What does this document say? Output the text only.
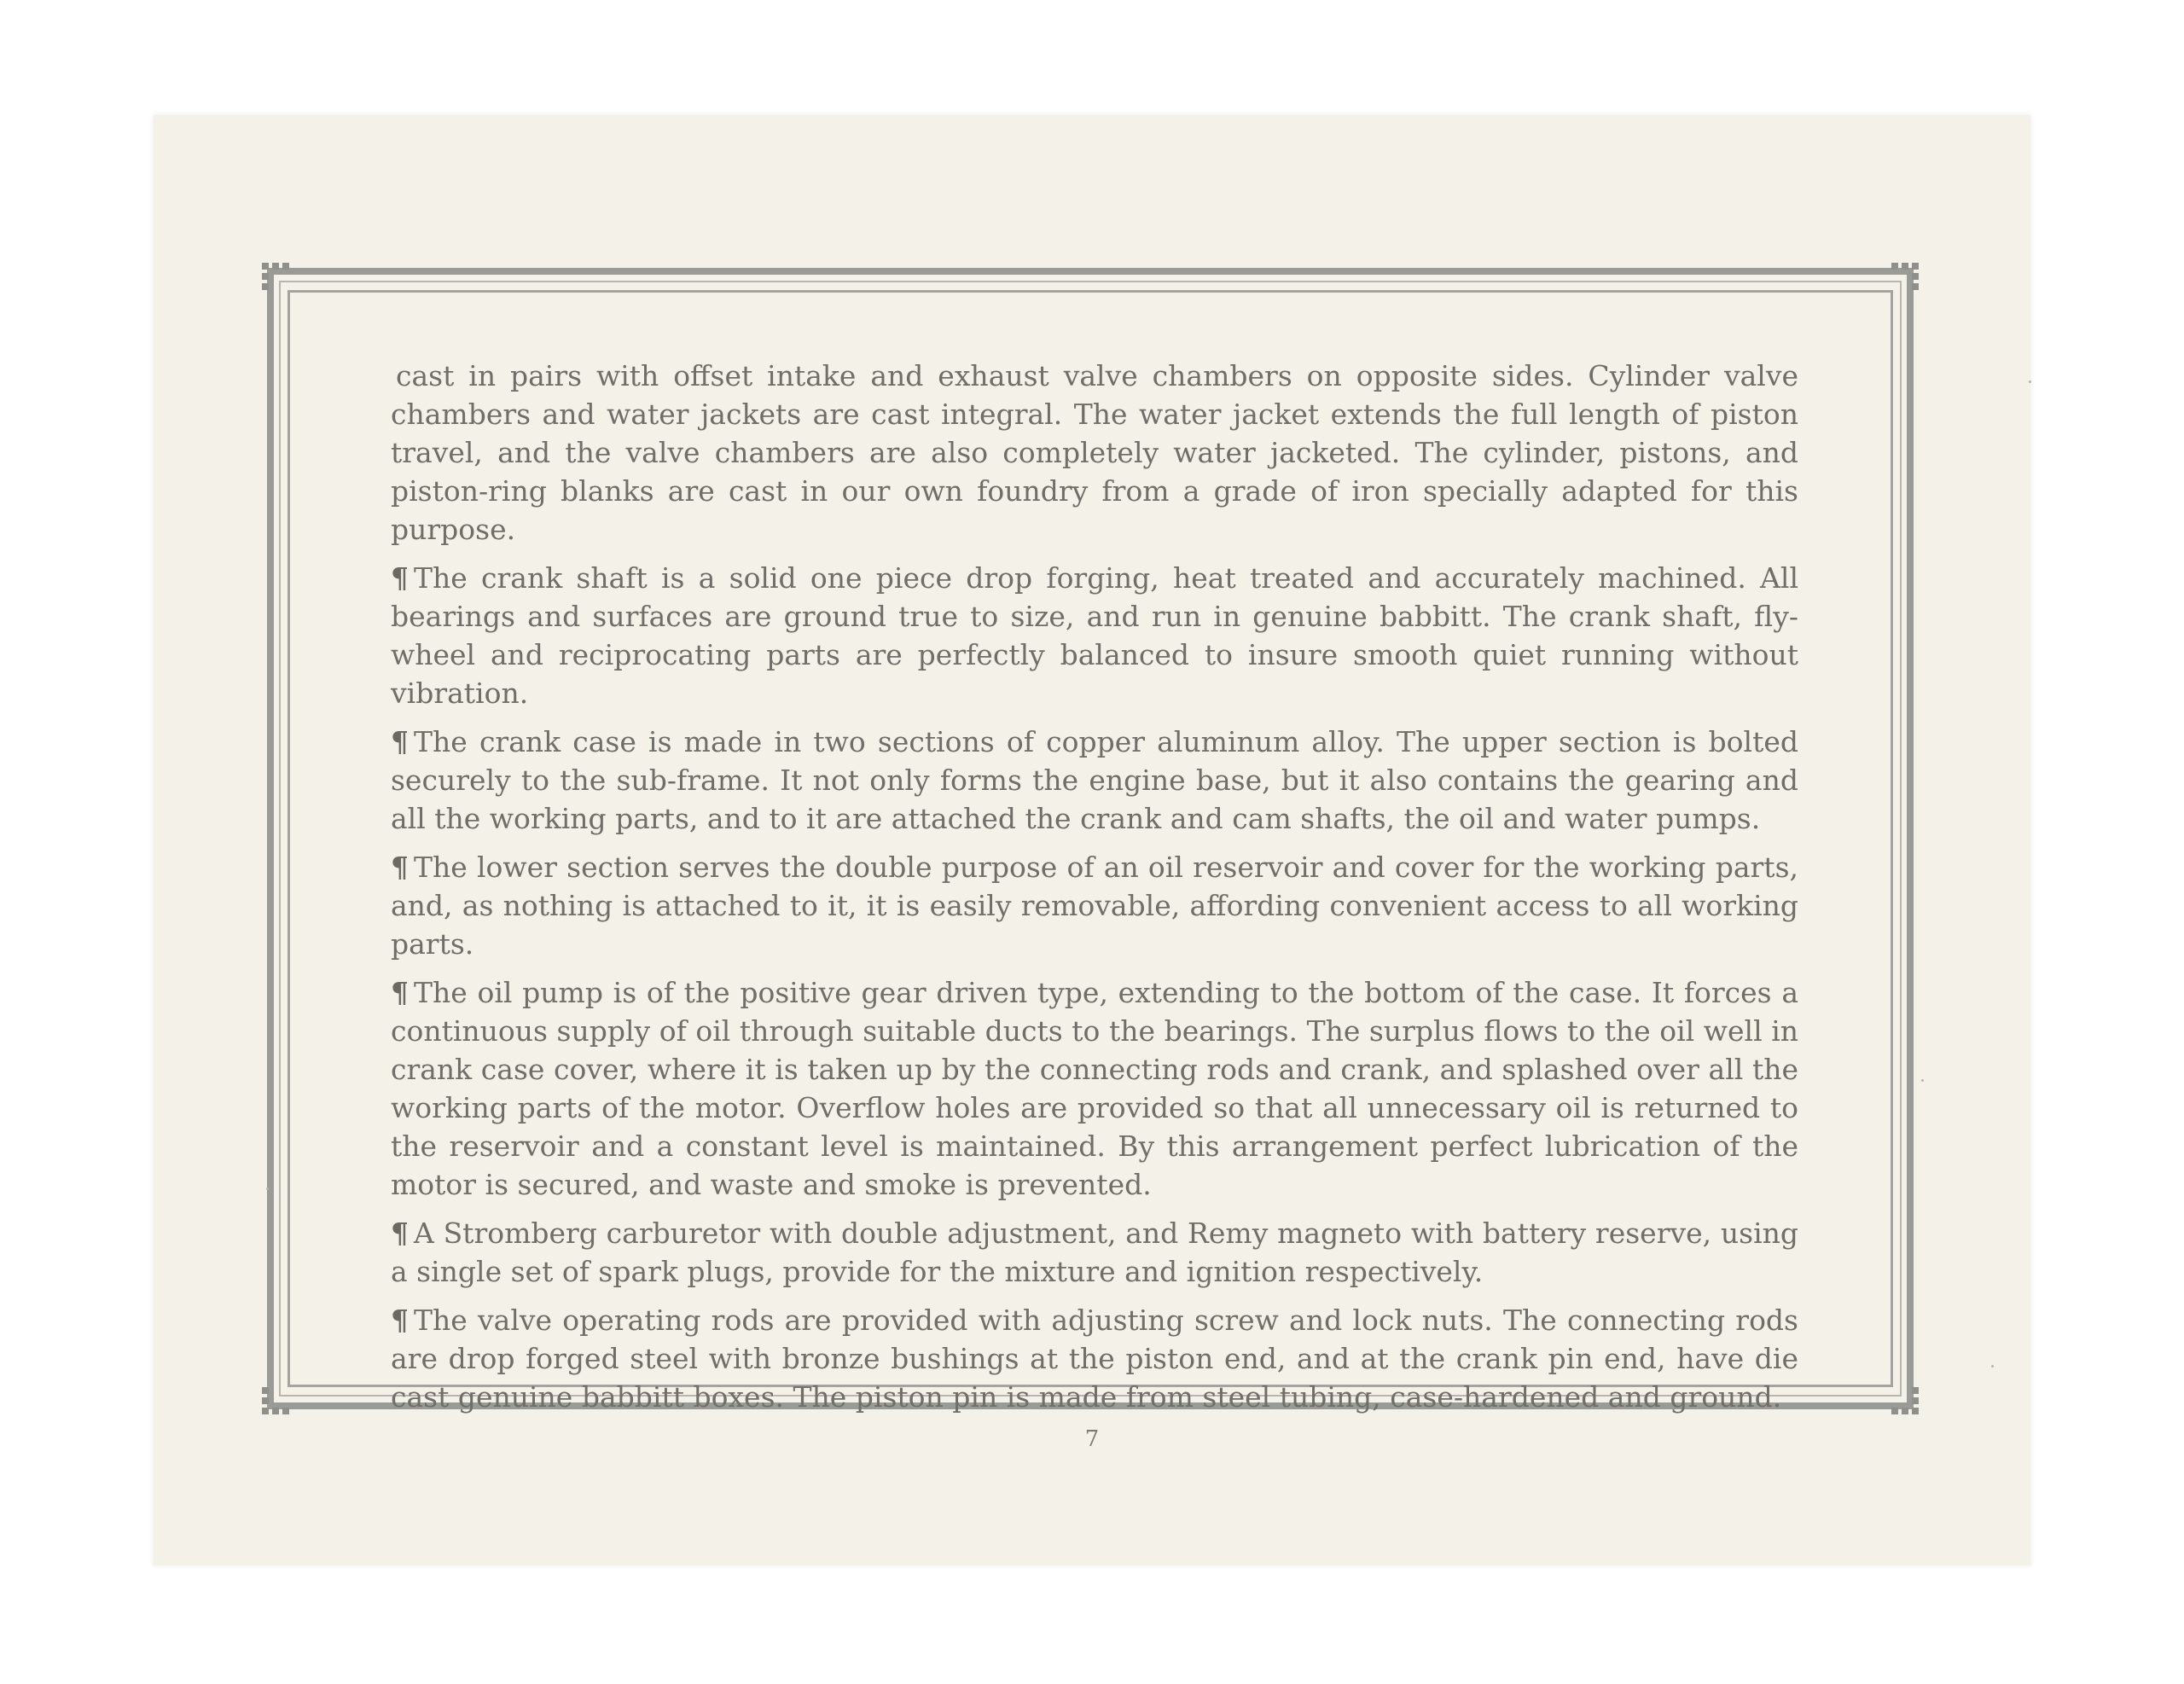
cast in pairs with offset intake and exhaust valve chambers on opposite sides. Cylinder valve chambers and water jackets are cast integral. The water jacket extends the full length of piston travel, and the valve chambers are also completely water jacketed. The cylinder, pistons, and piston-ring blanks are cast in our own foundry from a grade of iron specially adapted for this purpose.

¶ The crank shaft is a solid one piece drop forging, heat treated and accurately machined. All bearings and surfaces are ground true to size, and run in genuine babbitt. The crank shaft, fly-wheel and reciprocating parts are perfectly balanced to insure smooth quiet running without vibration.

¶ The crank case is made in two sections of copper aluminum alloy. The upper section is bolted securely to the sub-frame. It not only forms the engine base, but it also contains the gearing and all the working parts, and to it are attached the crank and cam shafts, the oil and water pumps.

¶ The lower section serves the double purpose of an oil reservoir and cover for the working parts, and, as nothing is attached to it, it is easily removable, affording convenient access to all working parts.

¶ The oil pump is of the positive gear driven type, extending to the bottom of the case. It forces a continuous supply of oil through suitable ducts to the bearings. The surplus flows to the oil well in crank case cover, where it is taken up by the connecting rods and crank, and splashed over all the working parts of the motor. Overflow holes are provided so that all unnecessary oil is returned to the reservoir and a constant level is maintained. By this arrangement perfect lubrication of the motor is secured, and waste and smoke is prevented.

¶ A Stromberg carburetor with double adjustment, and Remy magneto with battery reserve, using a single set of spark plugs, provide for the mixture and ignition respectively.

¶ The valve operating rods are provided with adjusting screw and lock nuts. The connecting rods are drop forged steel with bronze bushings at the piston end, and at the crank pin end, have die cast genuine babbitt boxes. The piston pin is made from steel tubing, case-hardened and ground.

7
